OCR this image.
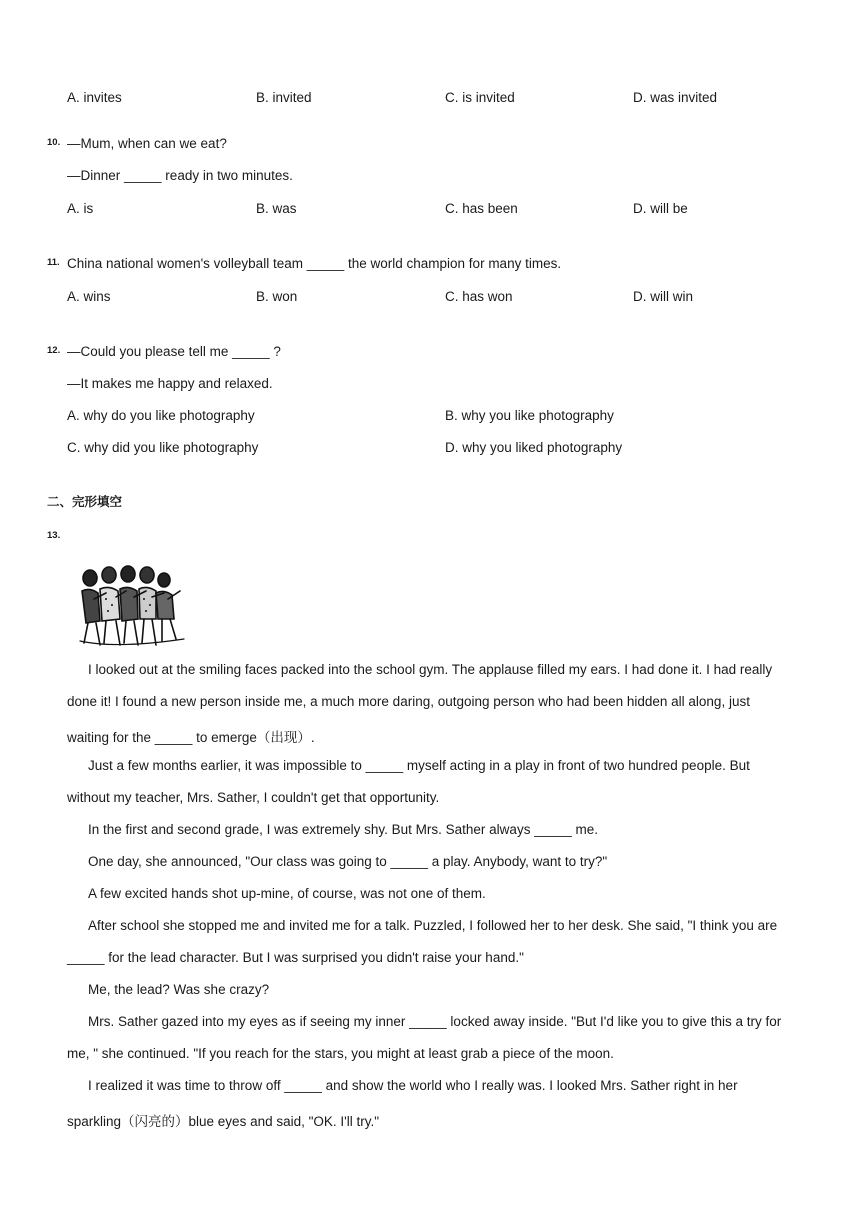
A. invites	B. invited	C. is invited	D. was invited
10. —Mum, when can we eat?
—Dinner _____ ready in two minutes.
A. is	B. was	C. has been	D. will be
11. China national women's volleyball team _____ the world champion for many times.
A. wins	B. won	C. has won	D. will win
12. —Could you please tell me _____ ?
—It makes me happy and relaxed.
A. why do you like photography	B. why you like photography
C. why did you like photography	D. why you liked photography
二、完形填空
13.
I looked out at the smiling faces packed into the school gym. The applause filled my ears. I had done it. I had really
done it! I found a new person inside me, a much more daring, outgoing person who had been hidden all along, just
waiting for the _____ to emerge（出现）.
Just a few months earlier, it was impossible to _____ myself acting in a play in front of two hundred people. But
without my teacher, Mrs. Sather, I couldn't get that opportunity.
In the first and second grade, I was extremely shy. But Mrs. Sather always _____ me.
One day, she announced, "Our class was going to _____ a play. Anybody, want to try?"
A few excited hands shot up-mine, of course, was not one of them.
After school she stopped me and invited me for a talk. Puzzled, I followed her to her desk. She said, "I think you are
_____ for the lead character. But I was surprised you didn't raise your hand."
Me, the lead? Was she crazy?
Mrs. Sather gazed into my eyes as if seeing my inner _____ locked away inside. "But I'd like you to give this a try for
me, " she continued. "If you reach for the stars, you might at least grab a piece of the moon.
I realized it was time to throw off _____ and show the world who I really was. I looked Mrs. Sather right in her
sparkling（闪亮的）blue eyes and said, "OK. I'll try."
